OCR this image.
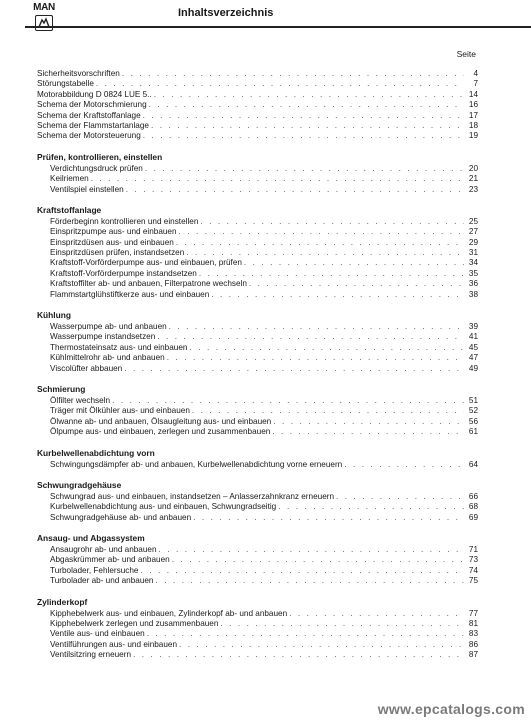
MAN	Inhaltsverzeichnis
Seite
Sicherheitsvorschriften . . .	4
Störungstabelle . . .	7
Motorabbildung D 0824 LUE 5.. . . .	14
Schema der Motorschmierung . . .	16
Schema der Kraftstoffanlage . . .	17
Schema der Flammstartanlage . . .	18
Schema der Motorsteuerung . . .	19
Prüfen, kontrollieren, einstellen
Verdichtungsdruck prüfen . . .	20
Keilriemen . . .	21
Ventilspiel einstellen . . .	23
Kraftstoffanlage
Förderbeginn kontrollieren und einstellen . . .	25
Einspritzpumpe aus- und einbauen . . .	27
Einspritzdüsen aus- und einbauen . . .	29
Einspritzdüsen prüfen, instandsetzen . . .	31
Kraftstoff-Vorförderpumpe aus- und einbauen, prüfen . . .	34
Kraftstoff-Vorförderpumpe instandsetzen . . .	35
Kraftstoffilter ab- und anbauen, Filterpatrone wechseln . . .	36
Flammstartglühstiftkerze aus- und einbauen . . .	38
Kühlung
Wasserpumpe ab- und anbauen . . .	39
Wasserpumpe instandsetzen . . .	41
Thermostateinsatz aus- und einbauen . . .	45
Kühlmittelrohr ab- und anbauen . . .	47
Viscolüfter abbauen . . .	49
Schmierung
Ölfilter wechseln . . .	51
Träger mit Ölkühler aus- und einbauen . . .	52
Ölwanne ab- und anbauen, Ölsaugleitung aus- und einbauen . . .	56
Ölpumpe aus- und einbauen, zerlegen und zusammenbauen . . .	61
Kurbelwellenabdichtung vorn
Schwingungsdämpfer ab- und anbauen, Kurbelwellenabdichtung vorne erneuern . . .	64
Schwungradgehäuse
Schwungrad aus- und einbauen, instandsetzen – Anlasserzahnkranz erneuern . . .	66
Kurbelwellenabdichtung aus- und einbauen, Schwungradseitig . . .	68
Schwungradgehäuse ab- und anbauen . . .	69
Ansaug- und Abgassystem
Ansaugrohr ab- und anbauen . . .	71
Abgaskrümmer ab- und anbauen . . .	73
Turbolader, Fehlersuche . . .	74
Turbolader ab- und anbauen . . .	75
Zylinderkopf
Kipphebelwerk aus- und einbauen, Zylinderkopf ab- und anbauen . . .	77
Kipphebelwerk zerlegen und zusammenbauen . . .	81
Ventile aus- und einbauen . . .	83
Ventilführungen aus- und einbauen . . .	86
Ventilsitzring erneuern . . .	87
www.epcatalogs.com
